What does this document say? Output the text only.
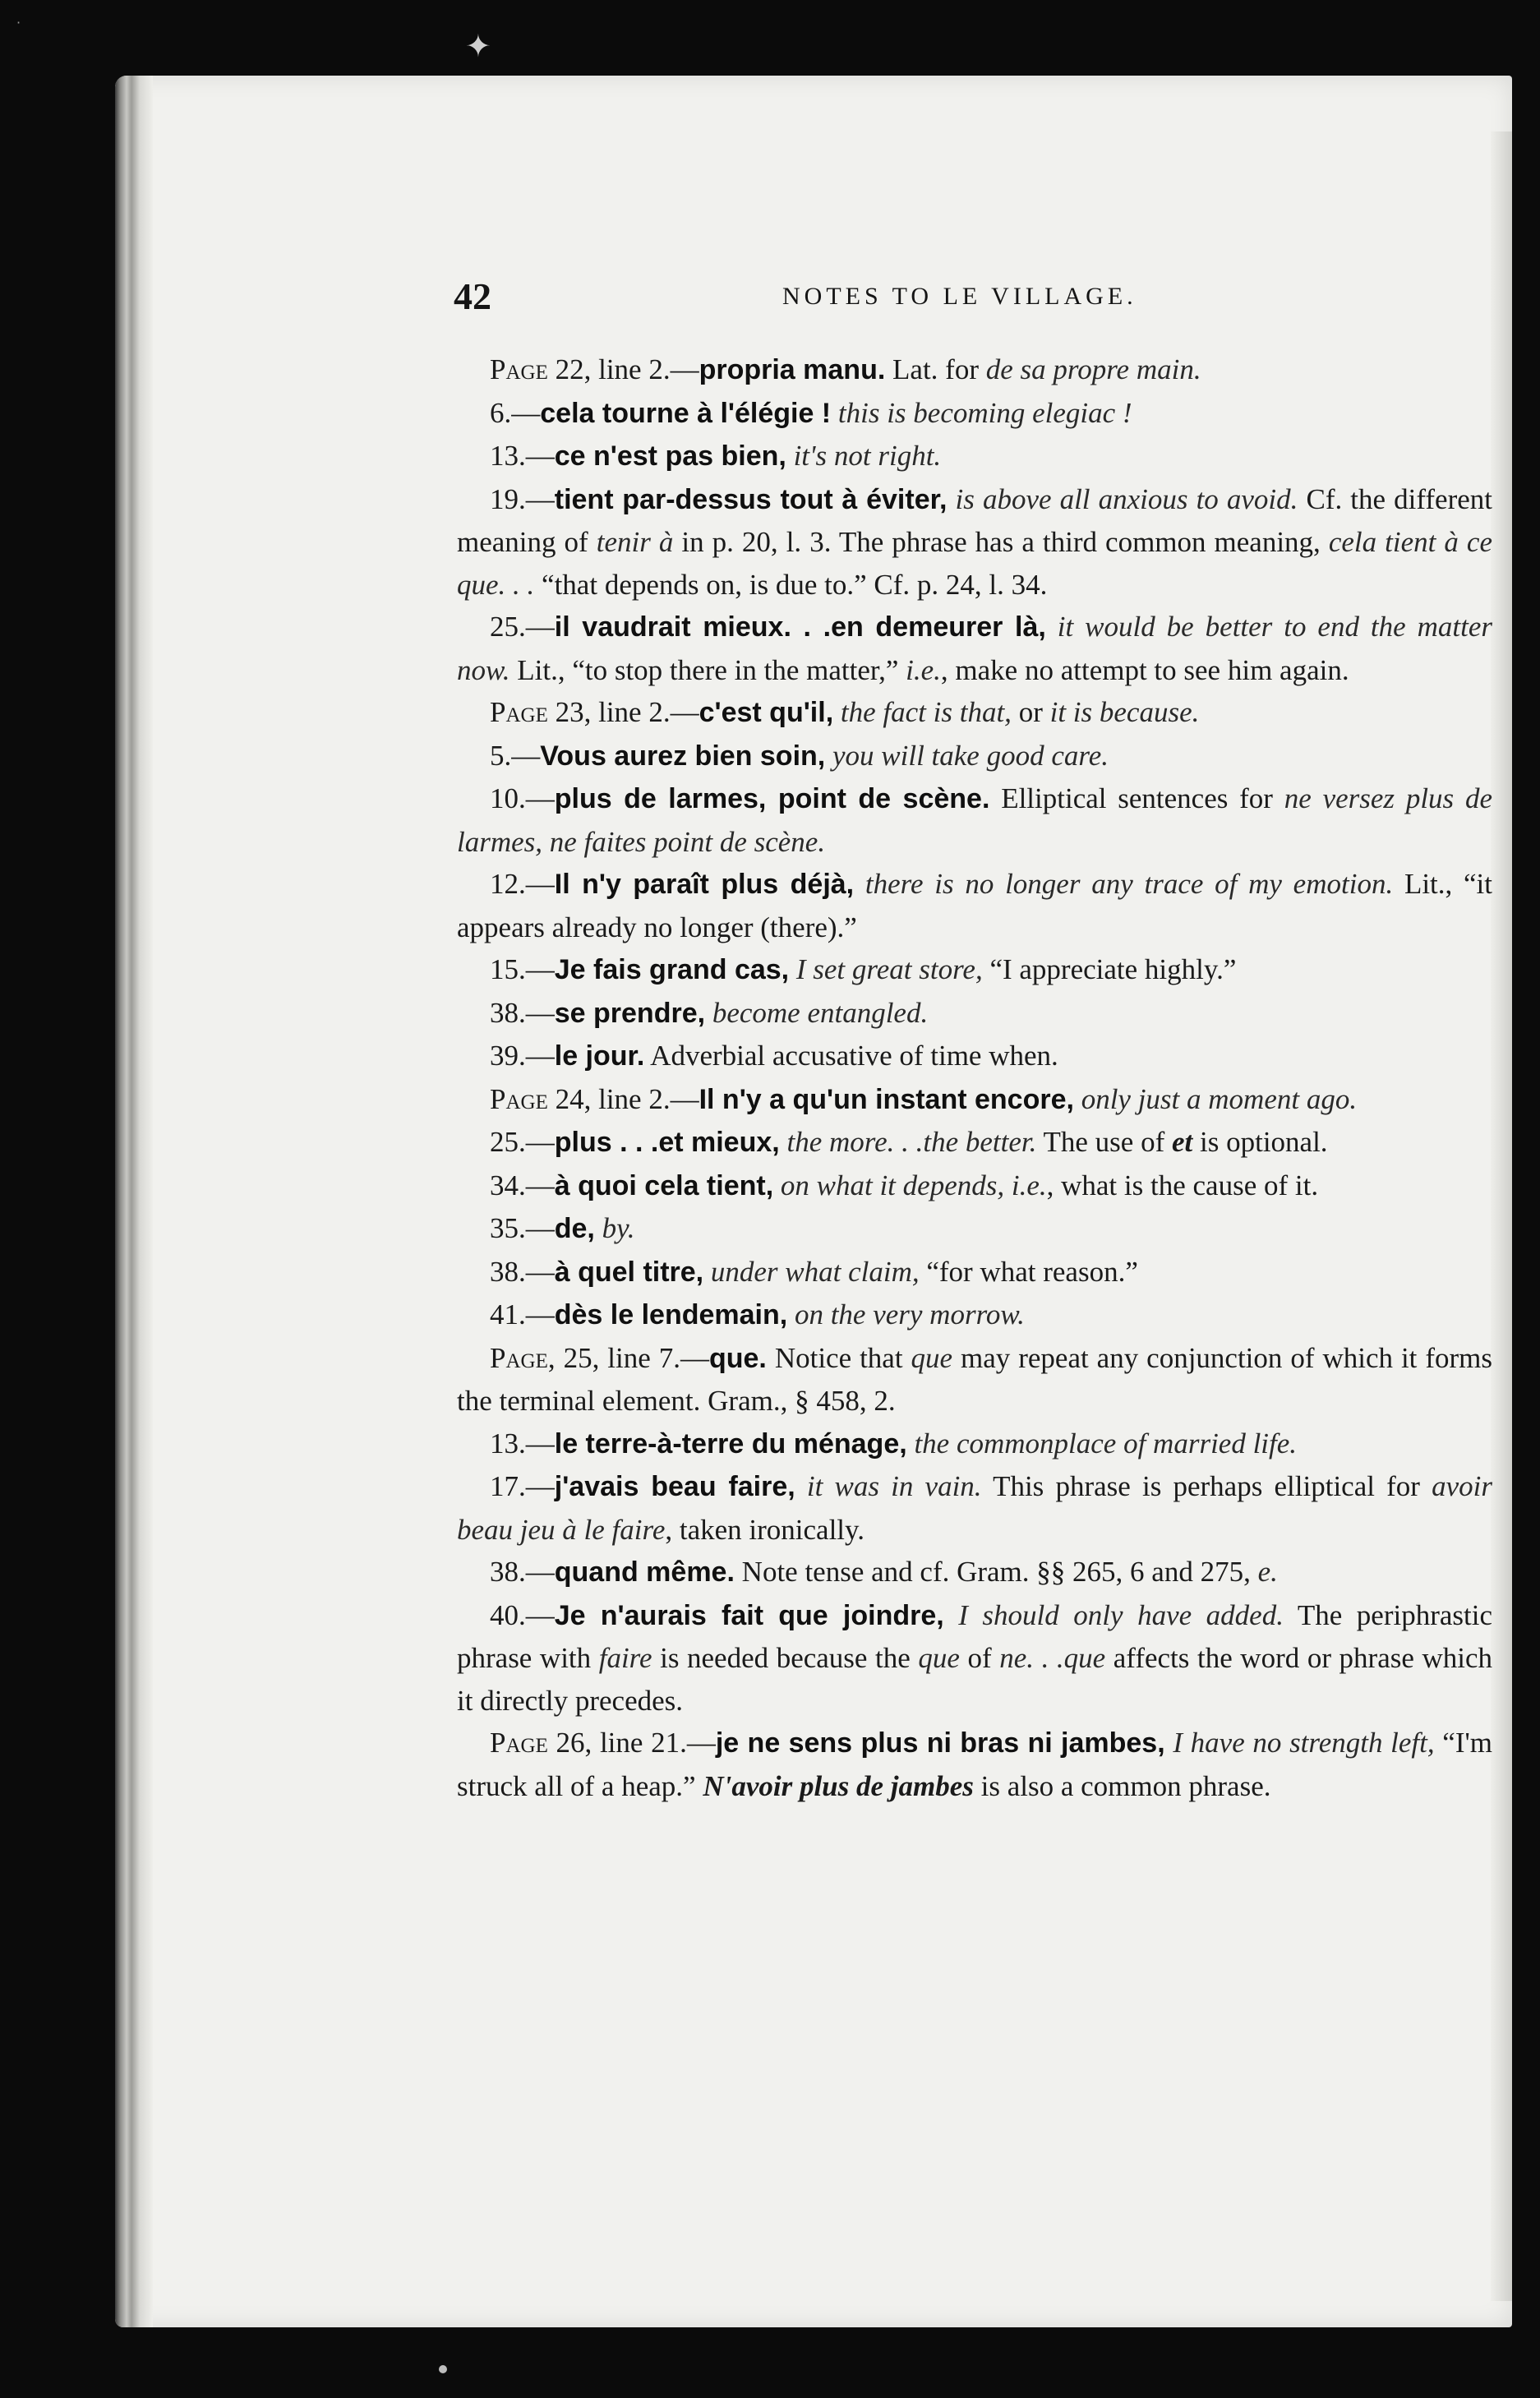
·
✦
42	NOTES TO LE VILLAGE.

Page 22, line 2.—propria manu. Lat. for de sa propre main.

6.—cela tourne à l'élégie ! this is becoming elegiac !

13.—ce n'est pas bien, it's not right.

19.—tient par-dessus tout à éviter, is above all anxious to avoid. Cf. the different meaning of tenir à in p. 20, l. 3. The phrase has a third common meaning, cela tient à ce que. . . “that depends on, is due to.” Cf. p. 24, l. 34.

25.—il vaudrait mieux. . .en demeurer là, it would be better to end the matter now. Lit., “to stop there in the matter,” i.e., make no attempt to see him again.

Page 23, line 2.—c'est qu'il, the fact is that, or it is because.

5.—Vous aurez bien soin, you will take good care.

10.—plus de larmes, point de scène. Elliptical sentences for ne versez plus de larmes, ne faites point de scène.

12.—Il n'y paraît plus déjà, there is no longer any trace of my emotion. Lit., “it appears already no longer (there).”

15.—Je fais grand cas, I set great store, “I appreciate highly.”

38.—se prendre, become entangled.

39.—le jour. Adverbial accusative of time when.

Page 24, line 2.—Il n'y a qu'un instant encore, only just a moment ago.

25.—plus . . .et mieux, the more. . .the better. The use of et is optional.

34.—à quoi cela tient, on what it depends, i.e., what is the cause of it.

35.—de, by.

38.—à quel titre, under what claim, “for what reason.”

41.—dès le lendemain, on the very morrow.

Page, 25, line 7.—que. Notice that que may repeat any conjunction of which it forms the terminal element. Gram., § 458, 2.

13.—le terre-à-terre du ménage, the commonplace of married life.

17.—j'avais beau faire, it was in vain. This phrase is perhaps elliptical for avoir beau jeu à le faire, taken ironically.

38.—quand même. Note tense and cf. Gram. §§ 265, 6 and 275, e.

40.—Je n'aurais fait que joindre, I should only have added. The periphrastic phrase with faire is needed because the que of ne. . .que affects the word or phrase which it directly precedes.

Page 26, line 21.—je ne sens plus ni bras ni jambes, I have no strength left, “I'm struck all of a heap.” N'avoir plus de jambes is also a common phrase.
